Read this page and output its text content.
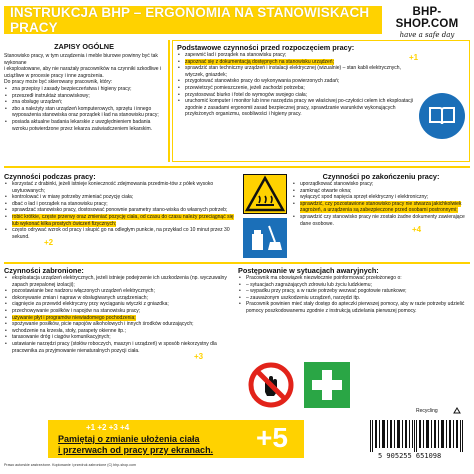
INSTRUKCJA BHP – ERGONOMIA NA STANOWISKACH PRACY
BHP-SHOP.COM
have a safe day
ZAPISY OGÓLNE
Stanowisko pracy, w tym urządzenia i meble biurowe powinny być tak wykonane
i eksploatowane, aby nie narażały pracowników na czynniki szkodliwe i uciążliwe w procesie pracy i inne zagrożenia.
Do pracy może być skierowany pracownik, który:
• zna przepisy i zasady bezpieczeństwa i higieny pracy;
• przeszedł instruktaż stanowiskowy;
• zna obsługę urządzeń;
• zbo a należyty stan urządzeń komputerowych, sprzętu i innego wyposażenia stanowiska oraz porządek i ład na stanowisku pracy;
• posiada aktualne badania lekarskie z uwzględnieniem badania wzroku potwierdzone przez lekarza zaświadczeniem lekarskim.
Podstawowe czynności przed rozpoczęciem pracy:
• zapewnić ład i porządek na stanowisku pracy;
• zapoznać się z dokumentacją dostępnych na stanowisku urządzeń;
• sprawdzić stan techniczny urządzeń i instalacji elektrycznej (wizualnie) – stan kabli elektrycznych, wtyczek, gniazdek;
• przygotować stanowisko pracy do wykonywania powierzonych zadań;
• przewietrzyć pomieszczenie, jeżeli zachodzi potrzeba;
• przystosować biurko i fotel do wymogów swojego ciała;
• uruchomić komputer i monitor lub inne narzędzia pracy we właściwej po-czyłości celem ich eksploatacji zgodnie z zasadami ergonomii zasad bezpiecznej pracy, sprawdzanie warunków wykonujących przyłożonych organizmu, osobliwości i higieny pracy.
+1
Czynności podczas pracy:
• korzystać z drabinki, jeżeli istnieje konieczność zdejmowania przedmio-tów z półek wysoko usytuowanych;
• kontrolować i w miarę potrzeby zmieniać pozycję ciała;
• dbać o ład i porządek na stanowisku pracy;
• sprawdzać stanowisko pracy, dostosować ponownie parametry stano-wiska do własnych potrzeb;
• robić krótkie, częste przerwy oraz zmieniać pozycję ciała, od czasu do czasu należy przeciągnąć się lub wykonać kilka prostych ćwiczeń fizycznych;
• często odrywać wzrok od pracy i skupić go na odległym punkcie, na przykład co 10 minut przez 30 sekund.
+2
Czynności po zakończeniu pracy:
• uporządkować stanowisko pracy;
• zamknąć otwarte okna;
• wyłączyć spod napięcia sprzęt elektryczny i elektroniczny;
• sprawdzić, czy pozostawione stanowisko pracy nie stwarza jakichkolwiek zagrożeń, a urządzenia są zabezpieczone przed osobami postronnymi;
• sprawdzić czy stanowisko pracy nie zostało żadne dokumenty zawierające dane osobowe.
+4
Czynności zabronione:
• eksploatacja urządzeń elektrycznych, jeżeli istnieje podejrzenie ich uszkodzenia (np. wyczuwalny zapach przepalonej izolacji);
• pozostawianie bez nadzoru włączonych urządzeń elektrycznych;
• dokonywanie zmian i napraw w obsługiwanych urządzeniach;
• ciągnięcie za przewód elektryczny przy wyciąganiu wtyczki z gniazdka;
• przechowywanie posiłków i napojów na stanowisku pracy;
• używanie płyt i programów niewiadomego pochodzenia;
• spożywanie posiłków, picie napojów alkoholowych i innych środków odurzających;
• wchodzenie na krzesła, stoły, parapety okienne itp.;
• tarasowanie dróg i ciągów komunikacyjnych;
• ustawianie narzędzi pracy (stołów roboczych, maszyn i urządzeń) w sposób niekorzystny dla pracownika za przyjmowanie nienaturalnych pozycji ciała.
+3
Postępowanie w sytuacjach awaryjnych:
• Pracownik ma obowiązek niezwłocznie poinformować przełożonego o:
• – sytuacjach zagrażających zdrowiu lub życiu ludzkiemu;
• – wypadku przy pracy, a w razie potrzeby wezwać pogotowie ratunkowe;
• – zauważonym uszkodzeniu urządzeń, narzędzi itp.
• Pracownik powinien mieć stały dostęp do apteczki pierwszej pomocy, aby w razie potrzeby udzielić pomocy poszkodowanemu zgodnie z instrukcją udzielania pierwszej pomocy.
+1 +2 +3 +4
Pamiętaj o zmianie ułożenia ciała
i przerwach od pracy przy ekranach. +5
Recycling
5 905255 651098
Prawo autorskie zastrzeżone. Kopiowanie i przedruk zabronione (C) bhp-shop.com
